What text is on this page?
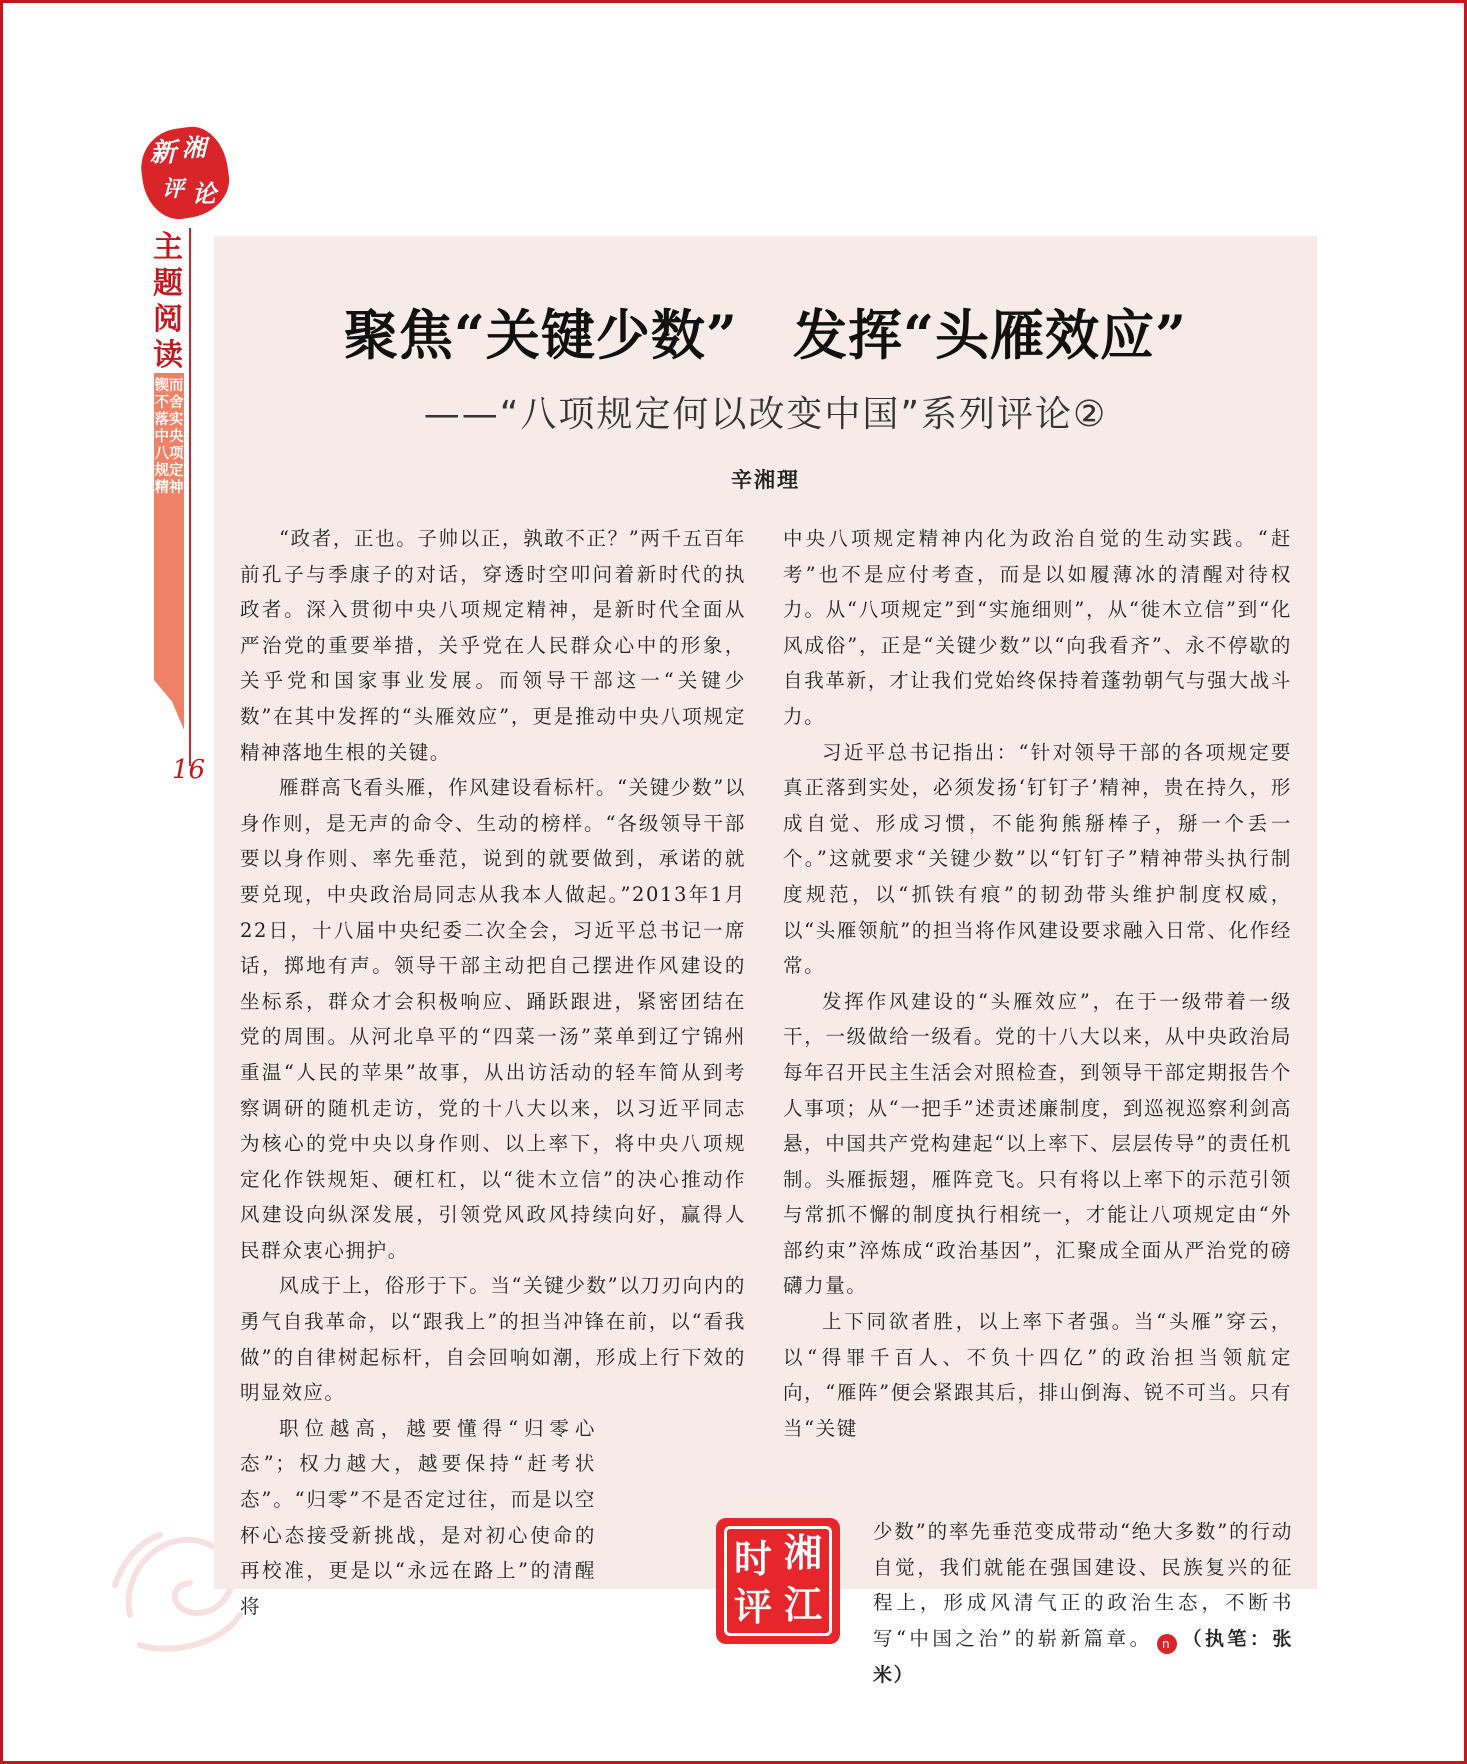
新 湘
评 论
主题阅读
锲而不舍落实中央八项规定精神
16
聚焦“关键少数”　发挥“头雁效应”
——“八项规定何以改变中国”系列评论②
辛湘理

“政者，正也。子帅以正，孰敢不正？”两千五百年前孔子与季康子的对话，穿透时空叩问着新时代的执政者。深入贯彻中央八项规定精神，是新时代全面从严治党的重要举措，关乎党在人民群众心中的形象，关乎党和国家事业发展。而领导干部这一“关键少数”在其中发挥的“头雁效应”，更是推动中央八项规定精神落地生根的关键。

雁群高飞看头雁，作风建设看标杆。“关键少数”以身作则，是无声的命令、生动的榜样。“各级领导干部要以身作则、率先垂范，说到的就要做到，承诺的就要兑现，中央政治局同志从我本人做起。”2013年1月22日，十八届中央纪委二次全会，习近平总书记一席话，掷地有声。领导干部主动把自己摆进作风建设的坐标系，群众才会积极响应、踊跃跟进，紧密团结在党的周围。从河北阜平的“四菜一汤”菜单到辽宁锦州重温“人民的苹果”故事，从出访活动的轻车简从到考察调研的随机走访，党的十八大以来，以习近平同志为核心的党中央以身作则、以上率下，将中央八项规定化作铁规矩、硬杠杠，以“徙木立信”的决心推动作风建设向纵深发展，引领党风政风持续向好，赢得人民群众衷心拥护。

风成于上，俗形于下。当“关键少数”以刀刃向内的勇气自我革命，以“跟我上”的担当冲锋在前，以“看我做”的自律树起标杆，自会回响如潮，形成上行下效的明显效应。

职位越高，越要懂得“归零心态”；权力越大，越要保持“赶考状态”。“归零”不是否定过往，而是以空杯心态接受新挑战，是对初心使命的再校准，更是以“永远在路上”的清醒将

中央八项规定精神内化为政治自觉的生动实践。“赶考”也不是应付考查，而是以如履薄冰的清醒对待权力。从“八项规定”到“实施细则”，从“徙木立信”到“化风成俗”，正是“关键少数”以“向我看齐”、永不停歇的自我革新，才让我们党始终保持着蓬勃朝气与强大战斗力。

习近平总书记指出：“针对领导干部的各项规定要真正落到实处，必须发扬‘钉钉子’精神，贵在持久，形成自觉、形成习惯，不能狗熊掰棒子，掰一个丢一个。”这就要求“关键少数”以“钉钉子”精神带头执行制度规范，以“抓铁有痕”的韧劲带头维护制度权威，以“头雁领航”的担当将作风建设要求融入日常、化作经常。

发挥作风建设的“头雁效应”，在于一级带着一级干，一级做给一级看。党的十八大以来，从中央政治局每年召开民主生活会对照检查，到领导干部定期报告个人事项；从“一把手”述责述廉制度，到巡视巡察利剑高悬，中国共产党构建起“以上率下、层层传导”的责任机制。头雁振翅，雁阵竞飞。只有将以上率下的示范引领与常抓不懈的制度执行相统一，才能让八项规定由“外部约束”淬炼成“政治基因”，汇聚成全面从严治党的磅礴力量。

上下同欲者胜，以上率下者强。当“头雁”穿云，以“得罪千百人、不负十四亿”的政治担当领航定向，“雁阵”便会紧跟其后，排山倒海、锐不可当。只有当“关键

少数”的率先垂范变成带动“绝大多数”的行动自觉，我们就能在强国建设、民族复兴的征程上，形成风清气正的政治生态，不断书写“中国之治”的崭新篇章。 n （执笔：张　米）
湘
时
江
评
